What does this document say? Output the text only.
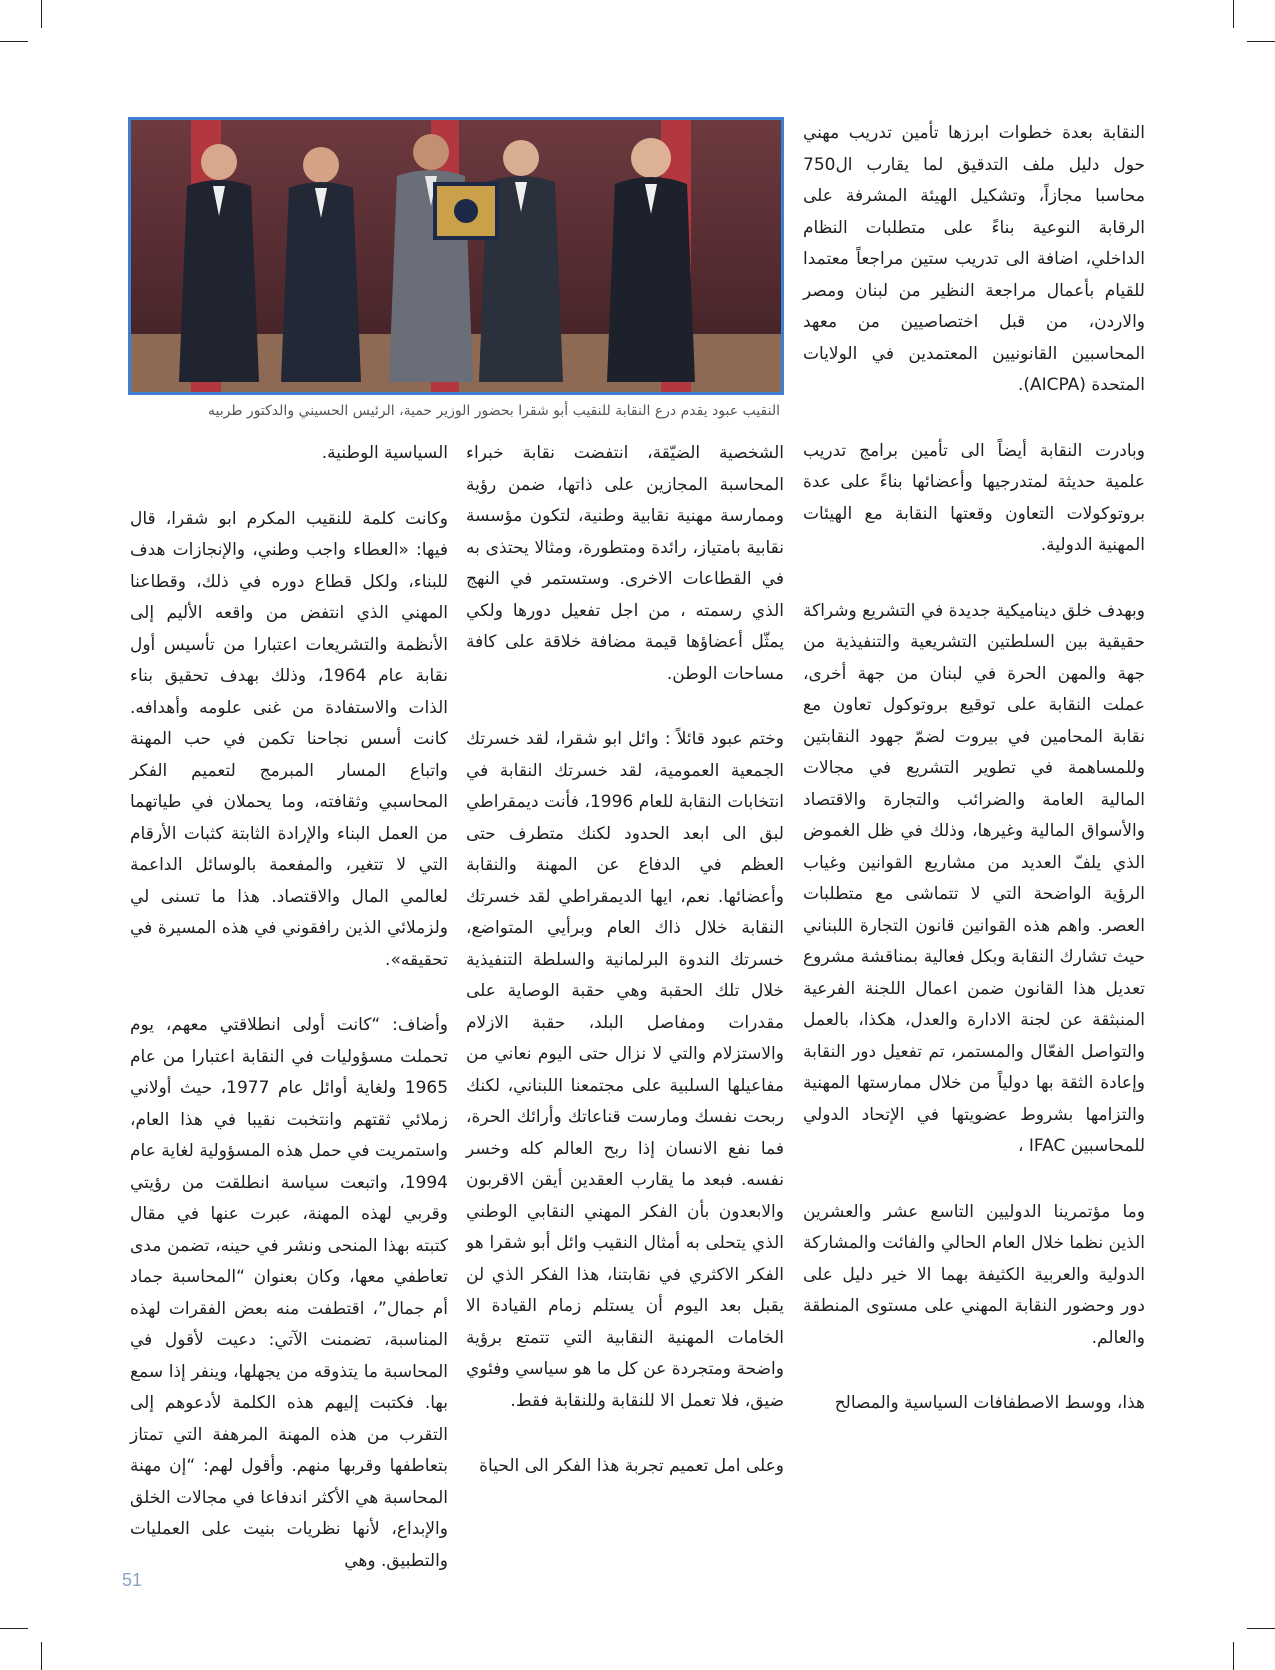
النقيب عبود يقدم درع النقابة للنقيب أبو شقرا بحضور الوزير حمية، الرئيس الحسيني والدكتور طربيه

النقابة بعدة خطوات ابرزها تأمين تدريب مهني حول دليل ملف التدقيق لما يقارب ال750 محاسبا مجازاً، وتشكيل الهيئة المشرفة على الرقابة النوعية بناءً على متطلبات النظام الداخلي، اضافة الى تدريب ستين مراجعاً معتمدا للقيام بأعمال مراجعة النظير من لبنان ومصر والاردن، من قبل اختصاصيين من معهد المحاسبين القانونيين المعتمدين في الولايات المتحدة (AICPA).

وبادرت النقابة أيضاً الى تأمين برامج تدريب علمية حديثة لمتدرجيها وأعضائها بناءً على عدة بروتوكولات التعاون وقعتها النقابة مع الهيئات المهنية الدولية.

وبهدف خلق ديناميكية جديدة في التشريع وشراكة حقيقية بين السلطتين التشريعية والتنفيذية من جهة والمهن الحرة في لبنان من جهة أخرى، عملت النقابة على توقيع بروتوكول تعاون مع نقابة المحامين في بيروت لضمّ جهود النقابتين وللمساهمة في تطوير التشريع في مجالات المالية العامة والضرائب والتجارة والاقتصاد والأسواق المالية وغيرها، وذلك في ظل الغموض الذي يلفّ العديد من مشاريع القوانين وغياب الرؤية الواضحة التي لا تتماشى مع متطلبات العصر. واهم هذه القوانين قانون التجارة اللبناني حيث تشارك النقابة وبكل فعالية بمناقشة مشروع تعديل هذا القانون ضمن اعمال اللجنة الفرعية المنبثقة عن لجنة الادارة والعدل، هكذا، بالعمل والتواصل الفعّال والمستمر، تم تفعيل دور النقابة وإعادة الثقة بها دولياً من خلال ممارستها المهنية والتزامها بشروط عضويتها في الإتحاد الدولي للمحاسبين IFAC ،

وما مؤتمرينا الدوليين التاسع عشر والعشرين الذين نظما خلال العام الحالي والفائت والمشاركة الدولية والعربية الكثيفة بهما الا خير دليل على دور وحضور النقابة المهني على مستوى المنطقة والعالم.

هذا، ووسط الاصطفافات السياسية والمصالح

الشخصية الضيّقة، انتفضت نقابة خبراء المحاسبة المجازين على ذاتها، ضمن رؤية وممارسة مهنية نقابية وطنية، لتكون مؤسسة نقابية بامتياز، رائدة ومتطورة، ومثالا يحتذى به في القطاعات الاخرى. وستستمر في النهج الذي رسمته ، من اجل تفعيل دورها ولكي يمثّل أعضاؤها قيمة مضافة خلاقة على كافة مساحات الوطن.

وختم عبود قائلاً : وائل ابو شقرا، لقد خسرتك الجمعية العمومية، لقد خسرتك النقابة في انتخابات النقابة للعام 1996، فأنت ديمقراطي لبق الى ابعد الحدود لكنك متطرف حتى العظم في الدفاع عن المهنة والنقابة وأعضائها. نعم، ايها الديمقراطي لقد خسرتك النقابة خلال ذاك العام وبرأيي المتواضع، خسرتك الندوة البرلمانية والسلطة التنفيذية خلال تلك الحقبة وهي حقبة الوصاية على مقدرات ومفاصل البلد، حقبة الازلام والاستزلام والتي لا نزال حتى اليوم نعاني من مفاعيلها السلبية على مجتمعنا اللبناني، لكنك ربحت نفسك ومارست قناعاتك وأرائك الحرة، فما نفع الانسان إذا ربح العالم كله وخسر نفسه. فبعد ما يقارب العقدين أيقن الاقربون والابعدون بأن الفكر المهني النقابي الوطني الذي يتحلى به أمثال النقيب وائل أبو شقرا هو الفكر الاكثري في نقابتنا، هذا الفكر الذي لن يقبل بعد اليوم أن يستلم زمام القيادة الا الخامات المهنية النقابية التي تتمتع برؤية واضحة ومتجردة عن كل ما هو سياسي وفئوي ضيق، فلا تعمل الا للنقابة وللنقابة فقط.

وعلى امل تعميم تجربة هذا الفكر الى الحياة

السياسية الوطنية.

وكانت كلمة للنقيب المكرم ابو شقرا، قال فيها: «العطاء واجب وطني، والإنجازات هدف للبناء، ولكل قطاع دوره في ذلك، وقطاعنا المهني الذي انتفض من واقعه الأليم إلى الأنظمة والتشريعات اعتبارا من تأسيس أول نقابة عام 1964، وذلك بهدف تحقيق بناء الذات والاستفادة من غنى علومه وأهدافه. كانت أسس نجاحنا تكمن في حب المهنة واتباع المسار المبرمج لتعميم الفكر المحاسبي وثقافته، وما يحملان في طياتهما من العمل البناء والإرادة الثابتة كثبات الأرقام التي لا تتغير، والمفعمة بالوسائل الداعمة لعالمي المال والاقتصاد. هذا ما تسنى لي ولزملائي الذين رافقوني في هذه المسيرة في تحقيقه».

وأضاف: “كانت أولى انطلاقتي معهم، يوم تحملت مسؤوليات في النقابة اعتبارا من عام 1965 ولغاية أوائل عام 1977، حيث أولاني زملائي ثقتهم وانتخبت نقيبا في هذا العام، واستمريت في حمل هذه المسؤولية لغاية عام 1994، واتبعت سياسة انطلقت من رؤيتي وقربي لهذه المهنة، عبرت عنها في مقال كتبته بهذا المنحى ونشر في حينه، تضمن مدى تعاطفي معها، وكان بعنوان “المحاسبة جماد أم جمال”، اقتطفت منه بعض الفقرات لهذه المناسبة، تضمنت الآتي: دعيت لأقول في المحاسبة ما يتذوقه من يجهلها، وينفر إذا سمع بها. فكتبت إليهم هذه الكلمة لأدعوهم إلى التقرب من هذه المهنة المرهفة التي تمتاز بتعاطفها وقربها منهم. وأقول لهم: “إن مهنة المحاسبة هي الأكثر اندفاعا في مجالات الخلق والإبداع، لأنها نظريات بنيت على العمليات والتطبيق. وهي

51
